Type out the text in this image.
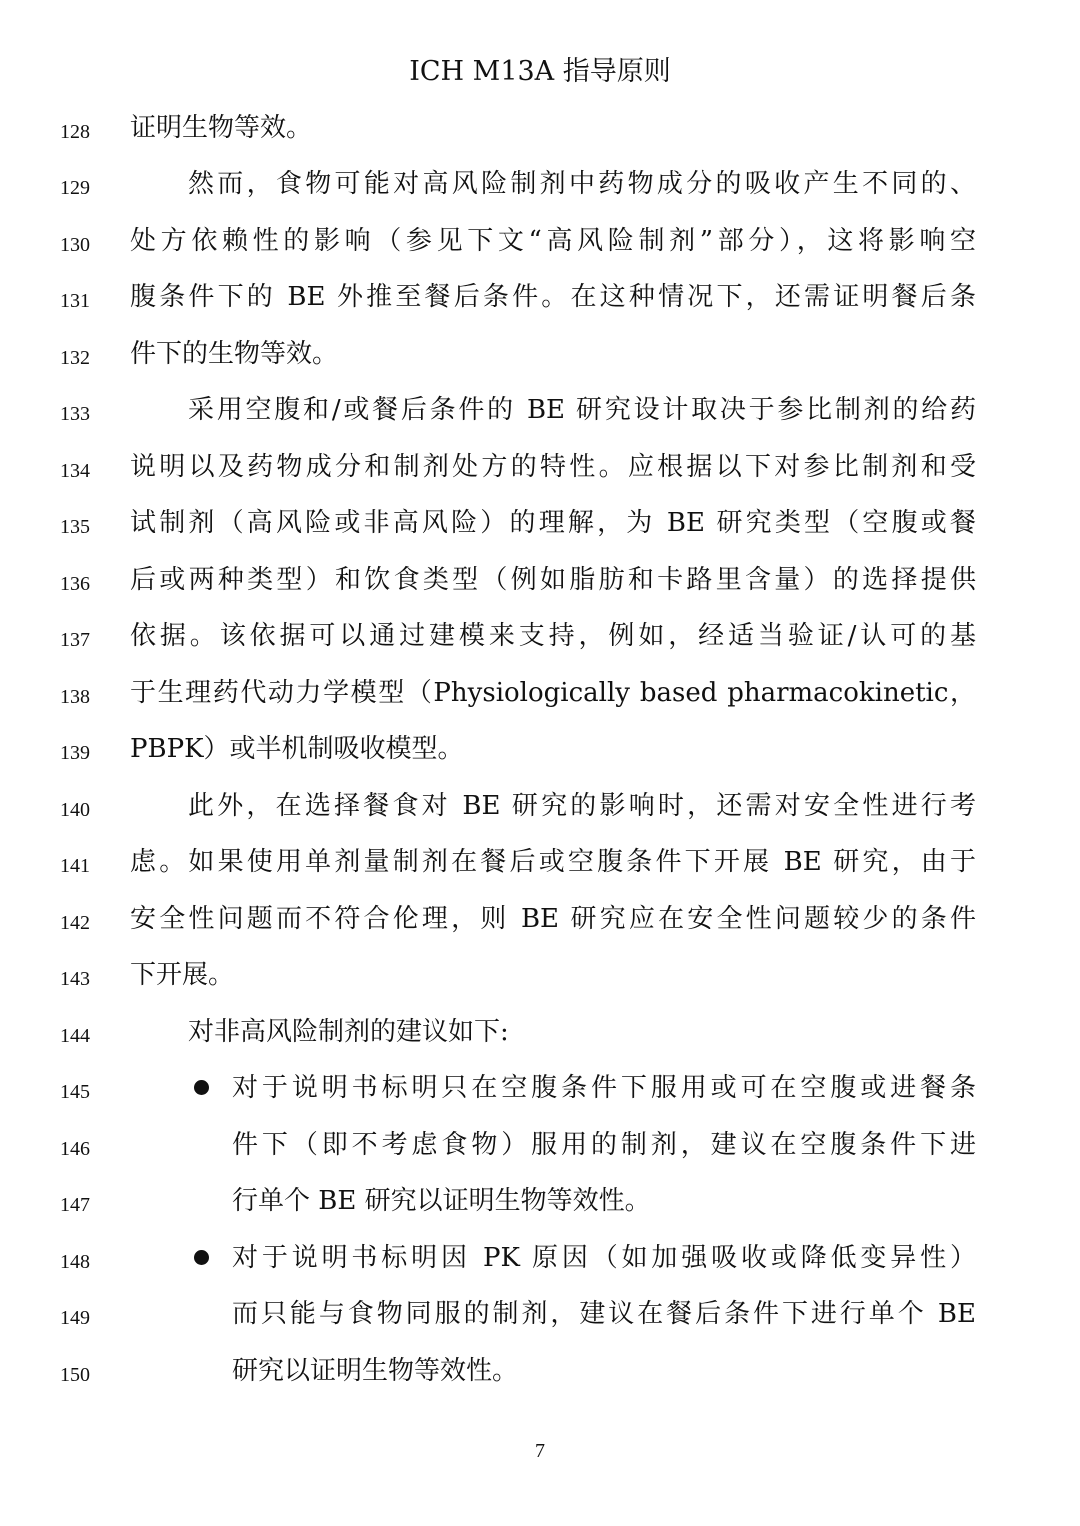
ICH M13A 指导原则
128	证明生物等效。
129	然而，食物可能对高风险制剂中药物成分的吸收产生不同的、
130	处方依赖性的影响（参见下文“高风险制剂”部分），这将影响空
131	腹条件下的 BE 外推至餐后条件。在这种情况下，还需证明餐后条
132	件下的生物等效。
133	采用空腹和/或餐后条件的 BE 研究设计取决于参比制剂的给药
134	说明以及药物成分和制剂处方的特性。应根据以下对参比制剂和受
135	试制剂（高风险或非高风险）的理解，为 BE 研究类型（空腹或餐
136	后或两种类型）和饮食类型（例如脂肪和卡路里含量）的选择提供
137	依据。该依据可以通过建模来支持，例如，经适当验证/认可的基
138	于生理药代动力学模型（Physiologically based pharmacokinetic，
139	PBPK）或半机制吸收模型。
140	此外，在选择餐食对 BE 研究的影响时，还需对安全性进行考
141	虑。如果使用单剂量制剂在餐后或空腹条件下开展 BE 研究，由于
142	安全性问题而不符合伦理，则 BE 研究应在安全性问题较少的条件
143	下开展。
144	对非高风险制剂的建议如下:
145	对于说明书标明只在空腹条件下服用或可在空腹或进餐条
146	件下（即不考虑食物）服用的制剂，建议在空腹条件下进
147	行单个 BE 研究以证明生物等效性。
148	对于说明书标明因 PK 原因（如加强吸收或降低变异性）
149	而只能与食物同服的制剂，建议在餐后条件下进行单个 BE
150	研究以证明生物等效性。
7
